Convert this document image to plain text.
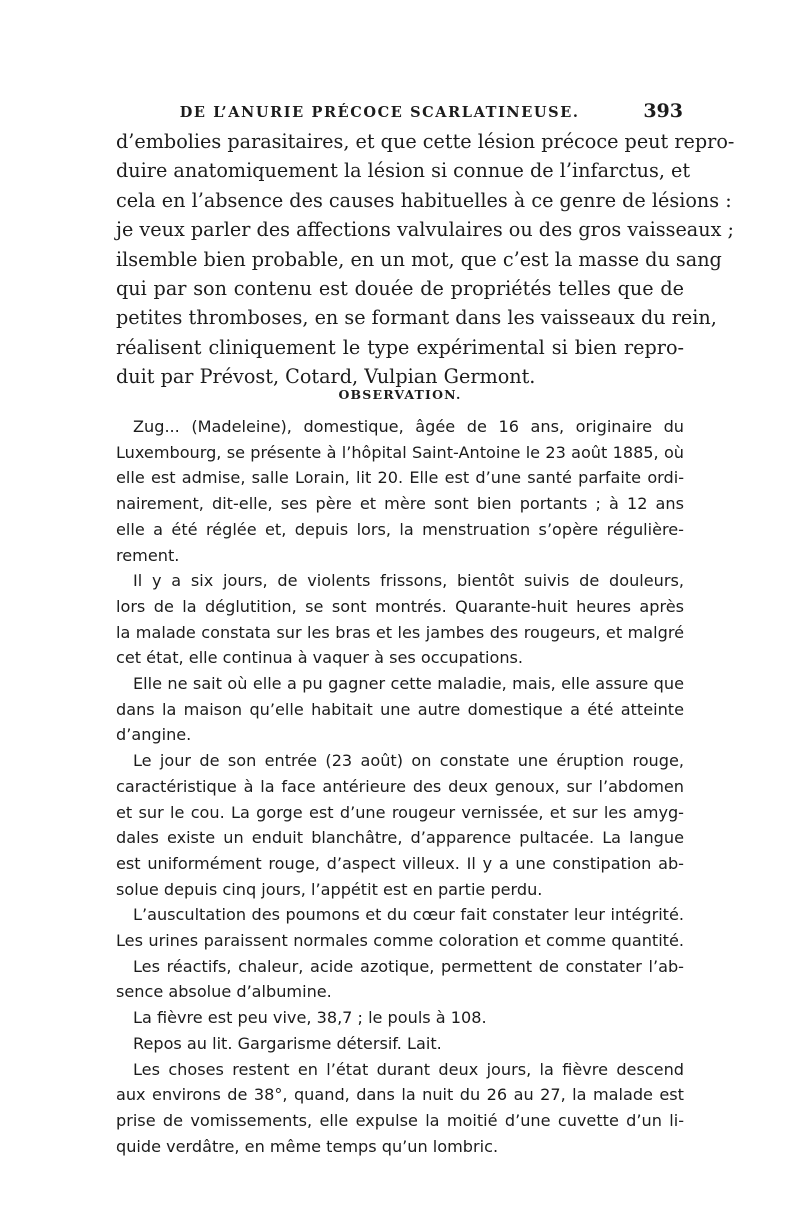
DE L’ANURIE PRÉCOCE SCARLATINEUSE.	393
d’embolies parasitaires, et que cette lésion précoce peut repro-
duire anatomiquement la lésion si connue de l’infarctus, et
cela en l’absence des causes habituelles à ce genre de lésions :
je veux parler des affections valvulaires ou des gros vaisseaux ;
ilsemble bien probable, en un mot, que c’est la masse du sang
qui par son contenu est douée de propriétés telles que de
petites thromboses, en se formant dans les vaisseaux du rein,
réalisent cliniquement le type expérimental si bien repro-
duit par Prévost, Cotard, Vulpian Germont.
OBSERVATION.
Zug... (Madeleine), domestique, âgée de 16 ans, originaire du
Luxembourg, se présente à l’hôpital Saint-Antoine le 23 août 1885, où
elle est admise, salle Lorain, lit 20. Elle est d’une santé parfaite ordi-
nairement, dit-elle, ses père et mère sont bien portants ; à 12 ans
elle a été réglée et, depuis lors, la menstruation s’opère régulière-
rement.
Il y a six jours, de violents frissons, bientôt suivis de douleurs,
lors de la déglutition, se sont montrés. Quarante-huit heures après
la malade constata sur les bras et les jambes des rougeurs, et malgré
cet état, elle continua à vaquer à ses occupations.
Elle ne sait où elle a pu gagner cette maladie, mais, elle assure que
dans la maison qu’elle habitait une autre domestique a été atteinte
d’angine.
Le jour de son entrée (23 août) on constate une éruption rouge,
caractéristique à la face antérieure des deux genoux, sur l’abdomen
et sur le cou. La gorge est d’une rougeur vernissée, et sur les amyg-
dales existe un enduit blanchâtre, d’apparence pultacée. La langue
est uniformément rouge, d’aspect villeux. Il y a une constipation ab-
solue depuis cinq jours, l’appétit est en partie perdu.
L’auscultation des poumons et du cœur fait constater leur intégrité.
Les urines paraissent normales comme coloration et comme quantité.
Les réactifs, chaleur, acide azotique, permettent de constater l’ab-
sence absolue d’albumine.
La fièvre est peu vive, 38,7 ; le pouls à 108.
Repos au lit. Gargarisme détersif. Lait.
Les choses restent en l’état durant deux jours, la fièvre descend
aux environs de 38°, quand, dans la nuit du 26 au 27, la malade est
prise de vomissements, elle expulse la moitié d’une cuvette d’un li-
quide verdâtre, en même temps qu’un lombric.
